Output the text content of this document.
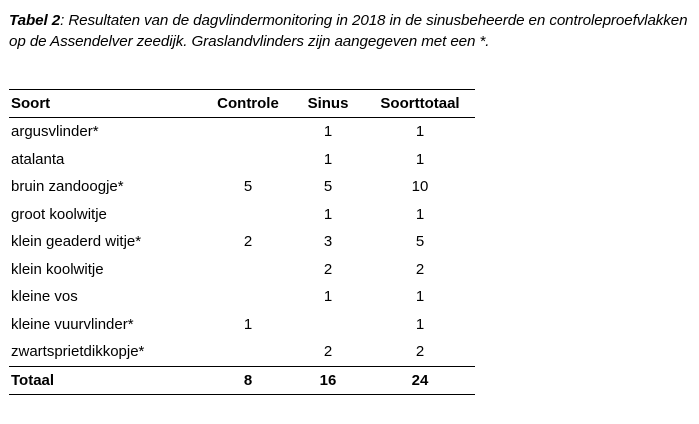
Tabel 2: Resultaten van de dagvlindermonitoring in 2018 in de sinusbeheerde en controleproefvlakken op de Assendelver zeedijk. Graslandvlinders zijn aangegeven met een *.
Soort	Controle	Sinus	Soorttotaal
argusvlinder*		1	1
atalanta		1	1
bruin zandoogje*	5	5	10
groot koolwitje		1	1
klein geaderd witje*	2	3	5
klein koolwitje		2	2
kleine vos		1	1
kleine vuurvlinder*	1		1
zwartsprietdikkopje*		2	2
Totaal	8	16	24
